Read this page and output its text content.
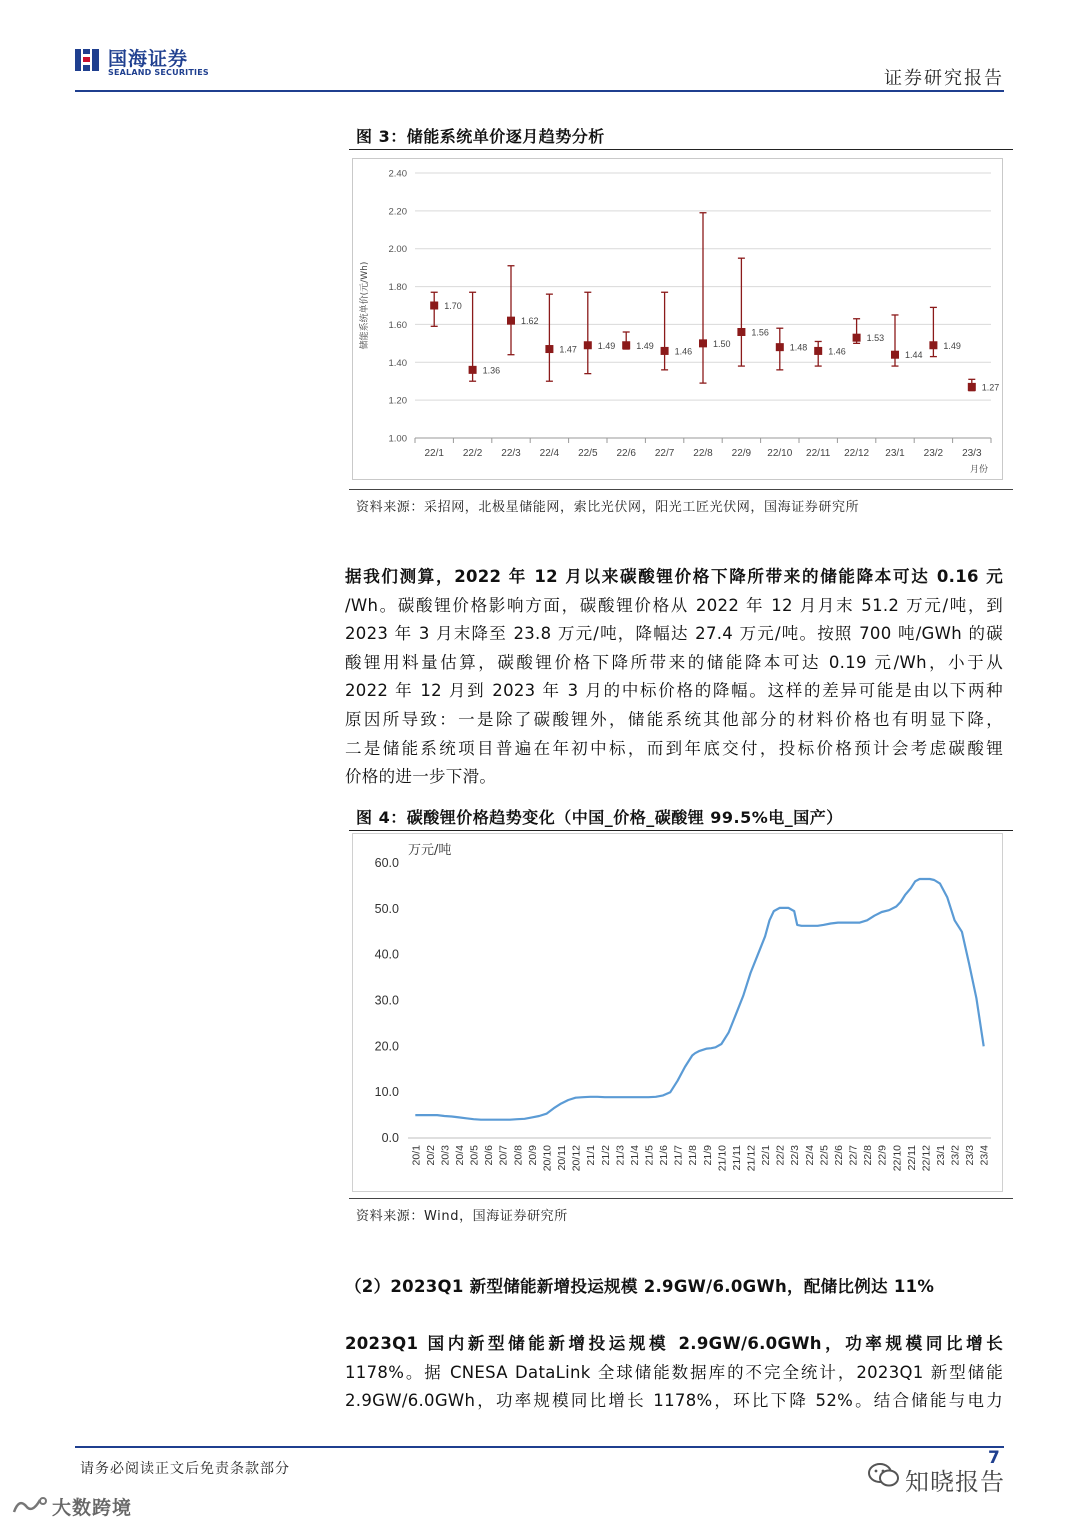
国海证券
SEALAND SECURITIES	证券研究报告
图 3：储能系统单价逐月趋势分析
1.00
1.20
1.40
1.60
1.80
2.00
2.20
2.40
22/1 22/2 22/3 22/4 22/5 22/6 22/7 22/8 22/9 22/10 22/11 22/12 23/1 23/2 23/3
月份
储能系统单价(元/Wh)	1.70
1.36
1.62
1.47 1.49 1.49
1.46
1.50
1.56
1.48 1.46
1.53
1.44
1.49
1.27
资料来源：采招网，北极星储能网，索比光伏网，阳光工匠光伏网，国海证券研究所
据我们测算，2022 年 12 月以来碳酸锂价格下降所带来的储能降本可达 0.16 元
/Wh。碳酸锂价格影响方面，碳酸锂价格从 2022 年 12 月月末 51.2 万元/吨，到
2023 年 3 月末降至 23.8 万元/吨，降幅达 27.4 万元/吨。按照 700 吨/GWh 的碳
酸锂用料量估算，碳酸锂价格下降所带来的储能降本可达 0.19 元/Wh，小于从
2022 年 12 月到 2023 年 3 月的中标价格的降幅。这样的差异可能是由以下两种
原因所导致：一是除了碳酸锂外，储能系统其他部分的材料价格也有明显下降，
二是储能系统项目普遍在年初中标，而到年底交付，投标价格预计会考虑碳酸锂
价格的进一步下滑。
图 4：碳酸锂价格趋势变化（中国_价格_碳酸锂 99.5%电_国产）
0.0
10.0
20.0
30.0
40.0
50.0
60.0
万元/吨
20/1 20/2 20/3 20/4 20/5 20/6 20/7 20/8 20/9 20/10 20/11 20/12 21/1 21/2 21/3 21/4 21/5 21/6 21/7 21/8 21/9 21/10 21/11 21/12 22/1 22/2 22/3 22/4 22/5 22/6 22/7 22/8 22/9 22/10 22/11 22/12 23/1 23/2 23/3 23/4
资料来源：Wind，国海证券研究所
（2）2023Q1 新型储能新增投运规模 2.9GW/6.0GWh，配储比例达 11%
2023Q1 国内新型储能新增投运规模 2.9GW/6.0GWh，功率规模同比增长
1178%。据 CNESA DataLink 全球储能数据库的不完全统计，2023Q1 新型储能
2.9GW/6.0GWh，功率规模同比增长 1178%，环比下降 52%。结合储能与电力
请务必阅读正文后免责条款部分
7
知晓报告
大数跨境
